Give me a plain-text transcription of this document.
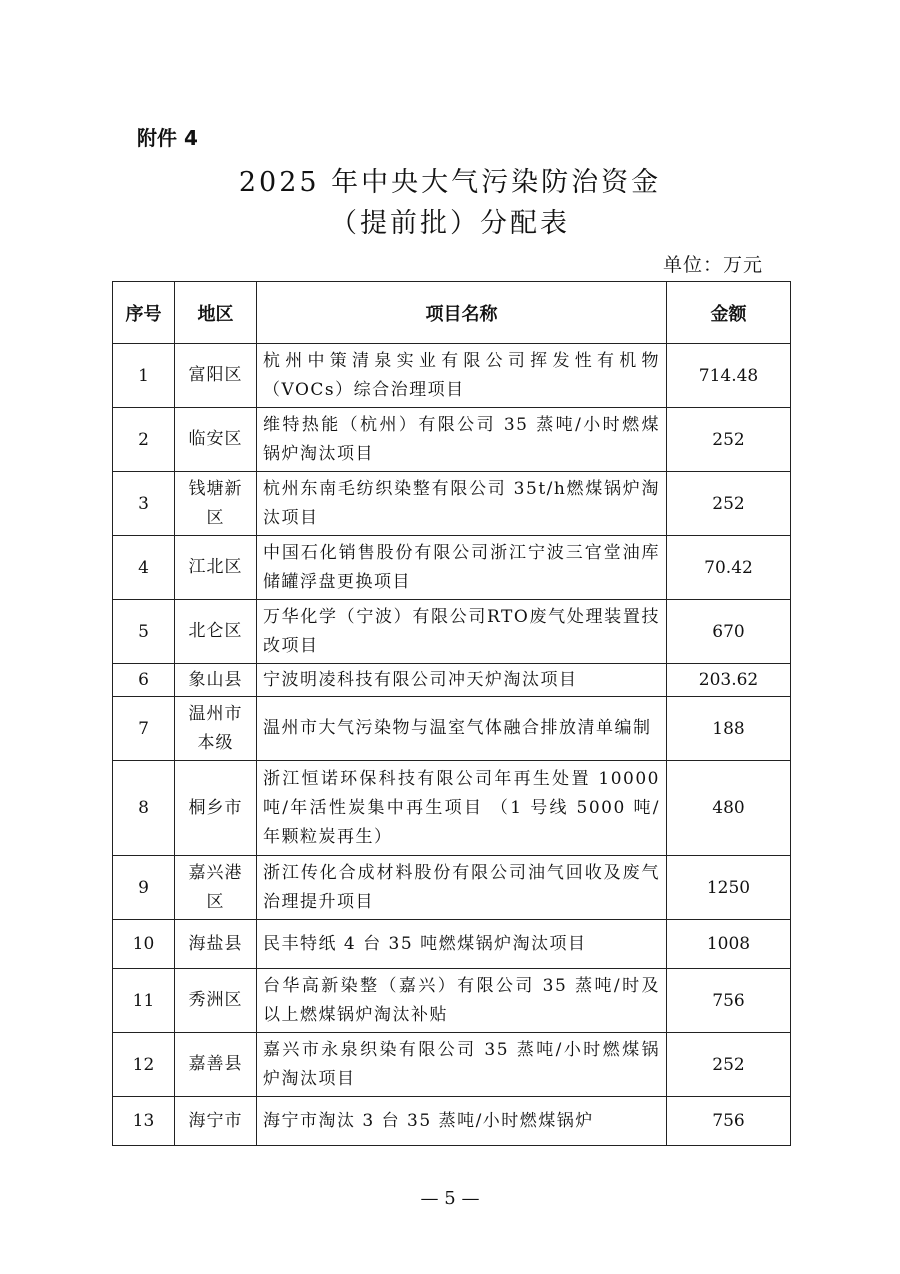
附件 4
2025 年中央大气污染防治资金
（提前批）分配表
单位：万元
序号	地区	项目名称	金额
1	富阳区	杭州中策清泉实业有限公司挥发性有机物（VOCs）综合治理项目	714.48
2	临安区	维特热能（杭州）有限公司 35 蒸吨/小时燃煤锅炉淘汰项目	252
3	钱塘新区	杭州东南毛纺织染整有限公司 35t/h燃煤锅炉淘汰项目	252
4	江北区	中国石化销售股份有限公司浙江宁波三官堂油库储罐浮盘更换项目	70.42
5	北仑区	万华化学（宁波）有限公司RTO废气处理装置技改项目	670
6	象山县	宁波明凌科技有限公司冲天炉淘汰项目	203.62
7	温州市本级	温州市大气污染物与温室气体融合排放清单编制	188
8	桐乡市	浙江恒诺环保科技有限公司年再生处置 10000 吨/年活性炭集中再生项目 （1 号线 5000 吨/年颗粒炭再生）	480
9	嘉兴港区	浙江传化合成材料股份有限公司油气回收及废气治理提升项目	1250
10	海盐县	民丰特纸 4 台 35 吨燃煤锅炉淘汰项目	1008
11	秀洲区	台华高新染整（嘉兴）有限公司 35 蒸吨/时及以上燃煤锅炉淘汰补贴	756
12	嘉善县	嘉兴市永泉织染有限公司 35 蒸吨/小时燃煤锅炉淘汰项目	252
13	海宁市	海宁市淘汰 3 台 35 蒸吨/小时燃煤锅炉	756
— 5 —
